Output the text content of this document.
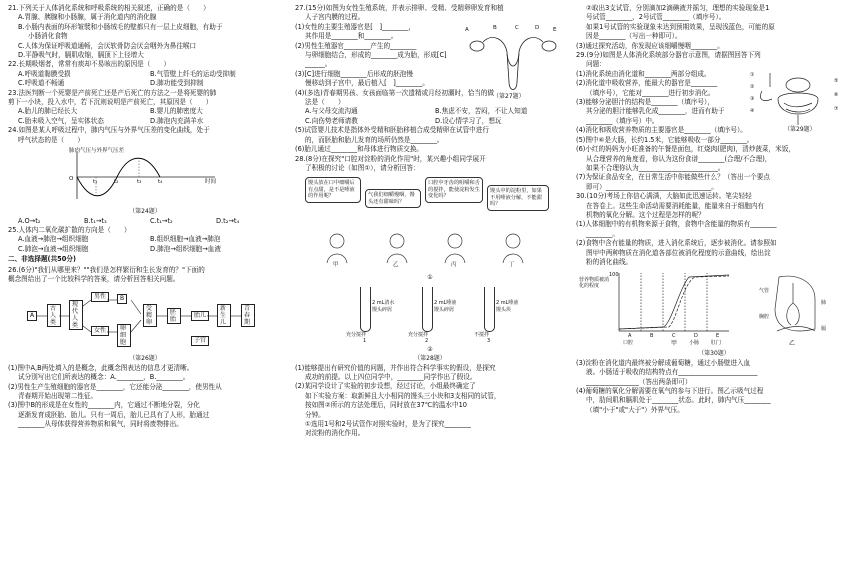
21.下列关于人体消化系统和呼吸系统的相关叙述，正确的是（　　）

A.胃腺、胰腺和小肠腺，属于消化道内的消化腺

B.小肠内表面的环形皱襞和小肠绒毛的壁都只有一层上皮细胞，有助于

小肠消化食物

C.人体为保证呼吸道通畅，会厌软骨防会厌会咽外为鼻往喉口

D.平静吸气时，膈肌收缩，膈顶下上径增大

22.长期吸烟者，常常有痰却不易咳出的原因是（　　）

A.呼吸道黏膜受损	B.气管壁上纤毛的运动受抑制
C.呼吸道不畅通	D.肺功能受到抑制

23.法医判断一个死婴是产前死亡还是产后死亡的方法之一是将死婴的肺

剪下一小块，投入水中，若下沉则说明是产前死亡，其原因是（　　）

A.胎儿的肺已经长大	B.婴儿的肺密度大
C.胎未吸入空气，呈实体状态	D.肺泡内充满羊水

24.如图是某人呼吸过程中，肺内气压与外界气压差的变化曲线，处于

呼气状态的是（　　）

肺内气压与外界气压差
O	t₁	t₂	t₃	t₄	时间

（第24题）

A.O→t₂	B.t₁→t₃	C.t₁→t₂	D.t₂→t₄

25.人体内二氧化碳扩散的方向是（　　）

A.血液→肺泡→组织细胞	B.组织细胞→血液→肺泡
C.肺泡→血液→组织细胞	D.肺泡→组织细胞→血液

二、非选择题(共50分)

26.(6分)"我们从哪里来？""我们是怎样繁衍和生长发育的？"下面的

概念图给出了一个比较科学的答案，请分析回答相关问题。

A
古人类
现代人类
男性
女性
B
卵细胞
受精卵
胚胎
胎儿
子宫
新生儿
青春期

（第26题）

(1)图中A,B两处填入的是概念，此概念图表达的信息才更清晰。

试分别写出它们所表达的概念：A.________，B.________。

(2)男性生产生殖细胞的器官是________，它还能分泌________，使男性从

青春期开始出现第二性征。

(3)图中B的形成是在女性的________内，它通过不断地分裂，分化

逐渐发育成胚胎、胎儿。只有一周后，胎儿已具有了人形，胎通过

________从母体获得营养物质和氧气，同时将废物排出。

27.(15分)如图为女性生殖系统，并表示排卵、受精、受精卵卵发育和植

人子宫内膜的过程。

(1)女性的主要生殖器官是[　]________，

其作用是________和________。

(2)男性生殖器官________产生的________

与卵细胞结合，形成的________成为胎，形成[C]

______。

(3)[C]进行细胞________后形成的胚泡慢

慢移动到子宫中，最后植入[　]________。

A	B	C	D	E
（第27题）

(4)(多选)青春期男孩、女孩面临第一次遗精或月经初潮时，恰当的做

法是（　　）

A.与父母交流沟通	B.焦虑不安，苦闷，不让人知道
C.向伤势老师请教	D.设心情学习了，想玩

(5)试管婴儿技术是指体外受精和胚胎移植合成受精卵在试管中进行

的，而胚胎和胎儿发育的场所仍然是________。

(6)胎儿通过________和母体进行物质交换。

28.(8分)在探究"口腔对淀粉的消化作用"时，某兴趣小组同学展开

了积极的讨论（如图①），请分析回答：

馒头放在口中细嚼后有点甜，是不是唾液的作用呢？	气我们细嚼慢咽，馒头还有甜味吗？
口腔中牙齿的咀嚼和舌的搅拌，能使淀粉发生变化吗？
馒头中的淀粉里，如果不用唾液分解，不能甜吗？
甲	乙	丙	丁

①

2 mL清水
馒头碎屑
充分搅拌
1
2 mL唾液
馒头碎屑
充分搅拌
2
2 mL唾液
馒头块
不搅拌
3

②

（第28题）

(1)能够提出有研究价值的问题，并作出符合科学事实的假设，是探究

成功的前提。以上四位同学中，________同学作出了假设。

(2)某同学设计了实验的初步设想，经过讨论，小组最终确定了

如下实验方案：取新鲜且大小相同的馒头三小块和3支相同的试管，

按如图②所示的方法处理后，同时放在37℃的温水中10

分钟。

①选用1号和2号试管作对照实验时，是为了探究________

对淀粉的消化作用。

②取出3支试管，分别滴加2滴碘液并摇匀，理想的实验现象是1

号试管________，2号试管________（填序号）。

如果1号试管的实验现象未达到预期效果，呈现浅蓝色，可能的原

因是________（写出一种即可）。

(3)通过探究活动，你发现应该细嚼慢咽________。

29.(9分)如图是人体消化系统部分器官示意图，请据图回答下列

问题：

(1)消化系统由消化道和________两部分组成。

(2)消化道中吸收营养，能最大的器官是________

（填序号），它能对________进行初步消化。

(3)能够分泌胆汁的结构是________（填序号），

其分泌的胆汁能够乳化成________，进而有助于

________（填序号）中。

①
②
③
④
⑤
⑥
⑦
（第29题）

(4)消化和吸收营养物质的主要器官是________（填序号）。

(5)图中⑥是大肠，长约1.5米，它能够吸收一部分________。

(6)小红的妈妈为小旺准备的午餐是面包，红烧肉(肥肉)，清炒菠菜，米饭，

从合理营养的角度看，你认为这份食谱________(合理/不合理)，

如果不合理你认为________________________。

(7)为保证食品安全，在日常生活中你能做些什么？（答出一个要点

即可）________________________________。

30.(10分)考场上你信心满满，大脑如此迅速运转。笔尖轻轻

在答卷上。这些生命活动需要消耗能量，能量来自于细胞内有

机物的氧化分解。这个过程是怎样的呢？

(1)人体细胞中的有机物来源于食物，食物中含能量的物质有________

________。

(2)食物中含有能量的物质，进入消化系统后，逐步被消化。请参照如

图甲中两种物质在消化道各部位被消化程度的示意曲线，绘出淀

粉的消化曲线。

营养物质被消化的程度
100
A	B	C	D	E
口腔	小肠 肛门
甲	乙
气管
胸腔
膈
肺

（第30题）

(3)淀粉在消化道内最终被分解成葡萄糖，通过小肠壁进入血

液。小肠适于吸收的结构特点有________________________

________________（答出两条即可）

(4)葡萄糖的氧化分解需要在氧气的参与下进行。图乙示吸气过程

中，肋间肌和膈肌处于________状态。此时，肺内气压________

（填"小于"或"大于"）外界气压。
